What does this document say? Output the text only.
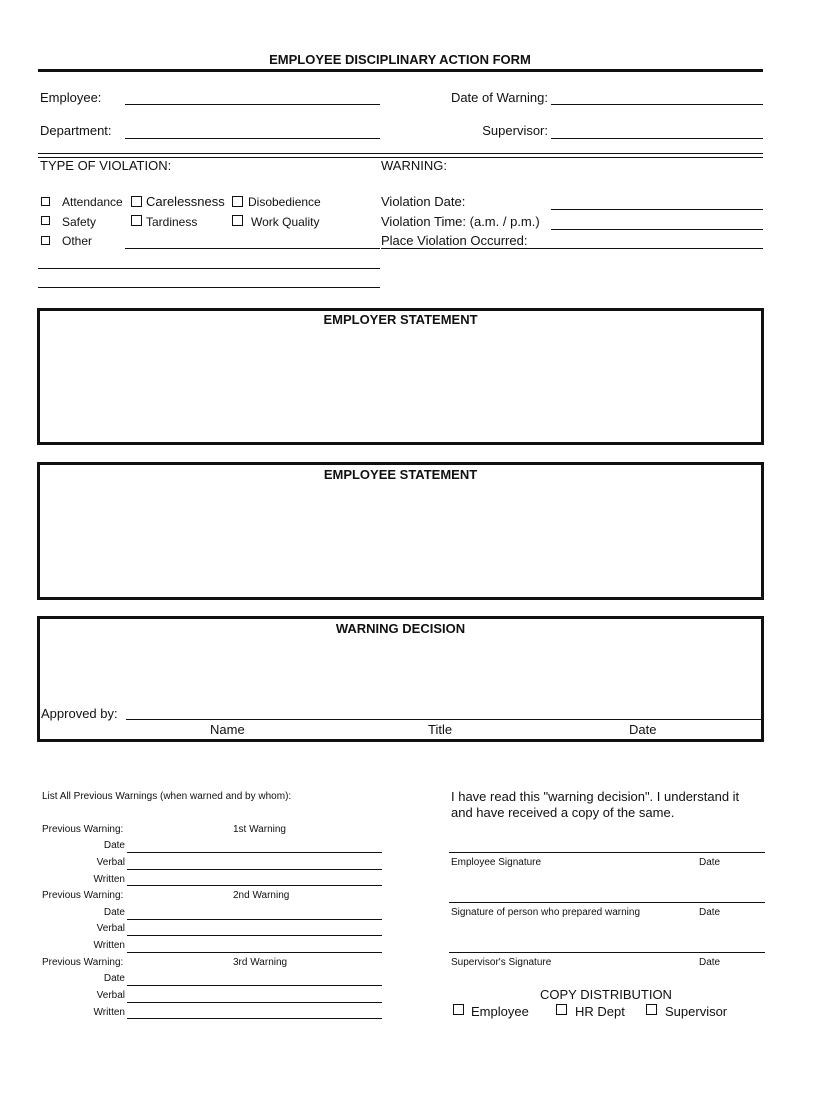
EMPLOYEE DISCIPLINARY ACTION FORM
Employee:	Date of Warning:
Department:	Supervisor:
TYPE OF VIOLATION:
Attendance Carelessness Disobedience
Safety	Tardiness	Work Quality
Other
WARNING:
Violation Date:
Violation Time: (a.m. / p.m.)
Place Violation Occurred:
EMPLOYER STATEMENT
EMPLOYEE STATEMENT
WARNING DECISION
Approved by:
Name	Title	Date
List All Previous Warnings (when warned and by whom):
Previous Warning:	1st Warning
Date
Verbal
Written
Previous Warning:	2nd Warning
Date
Verbal
Written
Previous Warning:	3rd Warning
Date
Verbal
Written
I have read this "warning decision". I understand it
and have received a copy of the same.
Employee Signature	Date
Signature of person who prepared warning	Date
Supervisor's Signature	Date
COPY DISTRIBUTION
Employee	HR Dept	Supervisor
